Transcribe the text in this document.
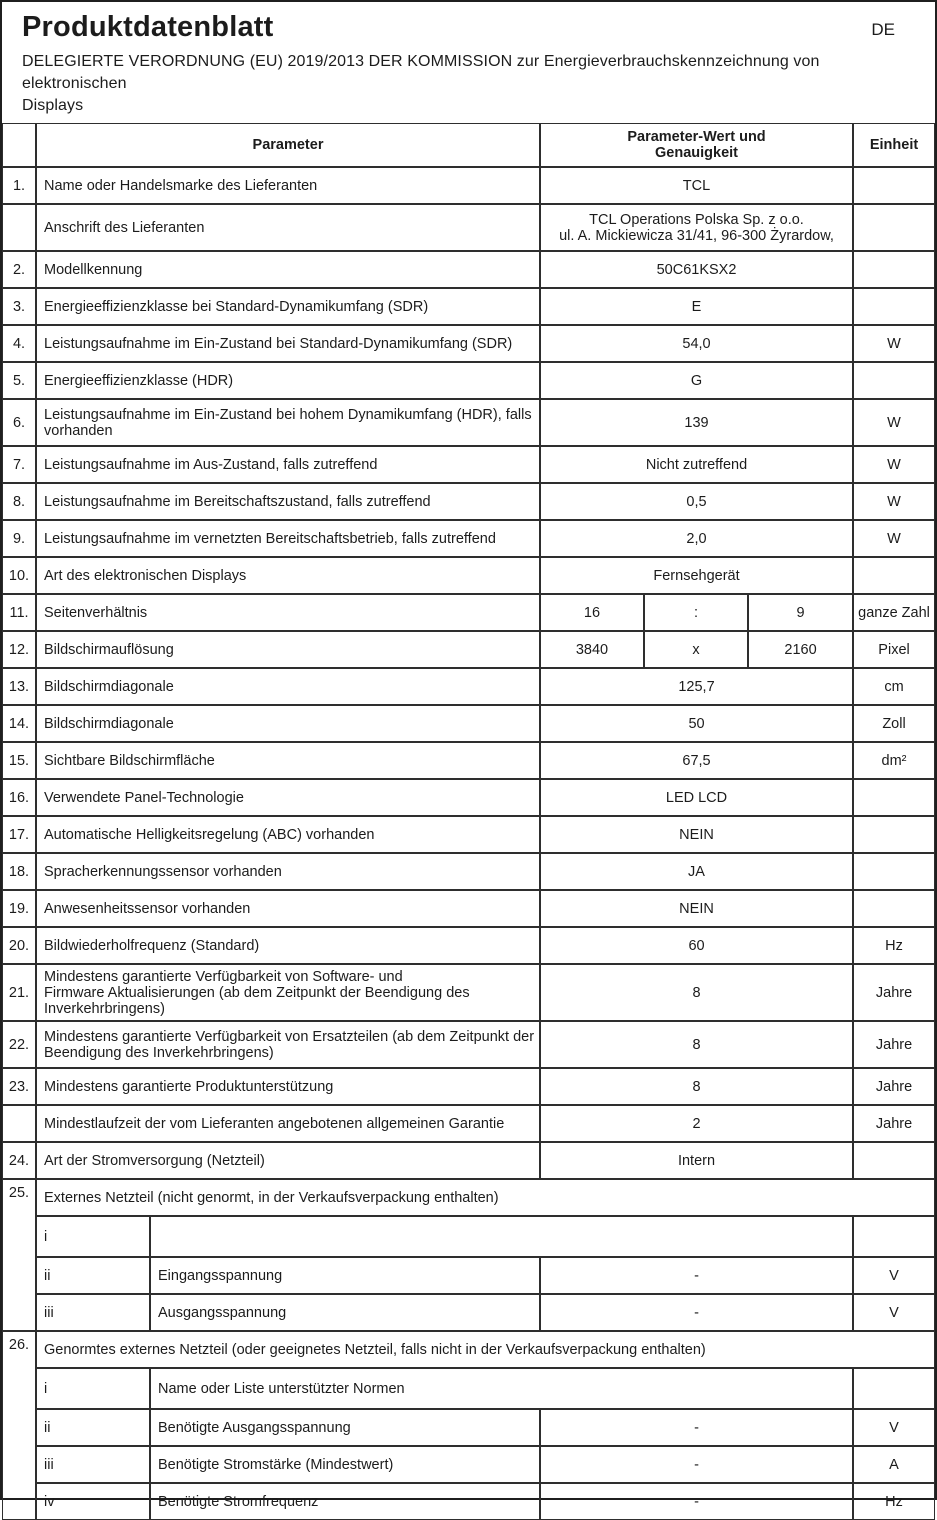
Produktdatenblatt	DE
DELEGIERTE VERORDNUNG (EU) 2019/2013 DER KOMMISSION zur Energieverbrauchskennzeichnung von elektronischen
Displays
	Parameter		Parameter-Wert und
Genauigkeit			Einheit
1.	Name oder Handelsmarke des Lieferanten		TCL			
	Anschrift des Lieferanten		TCL Operations Polska Sp. z o.o.
ul. A. Mickiewicza 31/41, 96-300 Żyrardow,			

2.	Modellkennung		50C61KSX2			
3.	Energieeffizienzklasse bei Standard-Dynamikumfang (SDR)		E			
4.	Leistungsaufnahme im Ein-Zustand bei Standard-Dynamikumfang (SDR)		54,0			W
5.	Energieeffizienzklasse (HDR)		G			
6.	Leistungsaufnahme im Ein-Zustand bei hohem Dynamikumfang (HDR), falls vorhanden		139			W
7.	Leistungsaufnahme im Aus-Zustand, falls zutreffend		Nicht zutreffend			W
8.	Leistungsaufnahme im Bereitschaftszustand, falls zutreffend		0,5			W
9.	Leistungsaufnahme im vernetzten Bereitschaftsbetrieb, falls zutreffend		2,0			W
10.	Art des elektronischen Displays		Fernsehgerät			
11.	Seitenverhältnis		16	:	9	ganze Zahl
12.	Bildschirmauflösung		3840	x	2160	Pixel
13.	Bildschirmdiagonale		125,7			cm
14.	Bildschirmdiagonale		50			Zoll
15.	Sichtbare Bildschirmfläche		67,5			dm²
16.	Verwendete Panel-Technologie		LED LCD			
17.	Automatische Helligkeitsregelung (ABC) vorhanden		NEIN			
18.	Spracherkennungssensor vorhanden		JA			
19.	Anwesenheitssensor vorhanden		NEIN			
20.	Bildwiederholfrequenz (Standard)		60			Hz
21.	Mindestens garantierte Verfügbarkeit von Software- und
Firmware Aktualisierungen (ab dem Zeitpunkt der Beendigung des
Inverkehrbringens)		8			Jahre
22.	Mindestens garantierte Verfügbarkeit von Ersatzteilen (ab dem Zeitpunkt der Beendigung des Inverkehrbringens)		8			Jahre
23.	Mindestens garantierte Produktunterstützung		8			Jahre
	Mindestlaufzeit der vom Lieferanten angebotenen allgemeinen Garantie		2			Jahre
24.	Art der Stromversorgung (Netzteil)		Intern			
25.	Externes Netzteil (nicht genormt, in der Verkaufsverpackung enthalten)					
	i					
	ii	Eingangsspannung	-			V
	iii	Ausgangsspannung	-			V
26.	Genormtes externes Netzteil (oder geeignetes Netzteil, falls nicht in der Verkaufsverpackung enthalten)					
	i	Name oder Liste unterstützter Normen				
	ii	Benötigte Ausgangsspannung	-			V
	iii	Benötigte Stromstärke (Mindestwert)	-			A
	iv	Benötigte Stromfrequenz	-			Hz
